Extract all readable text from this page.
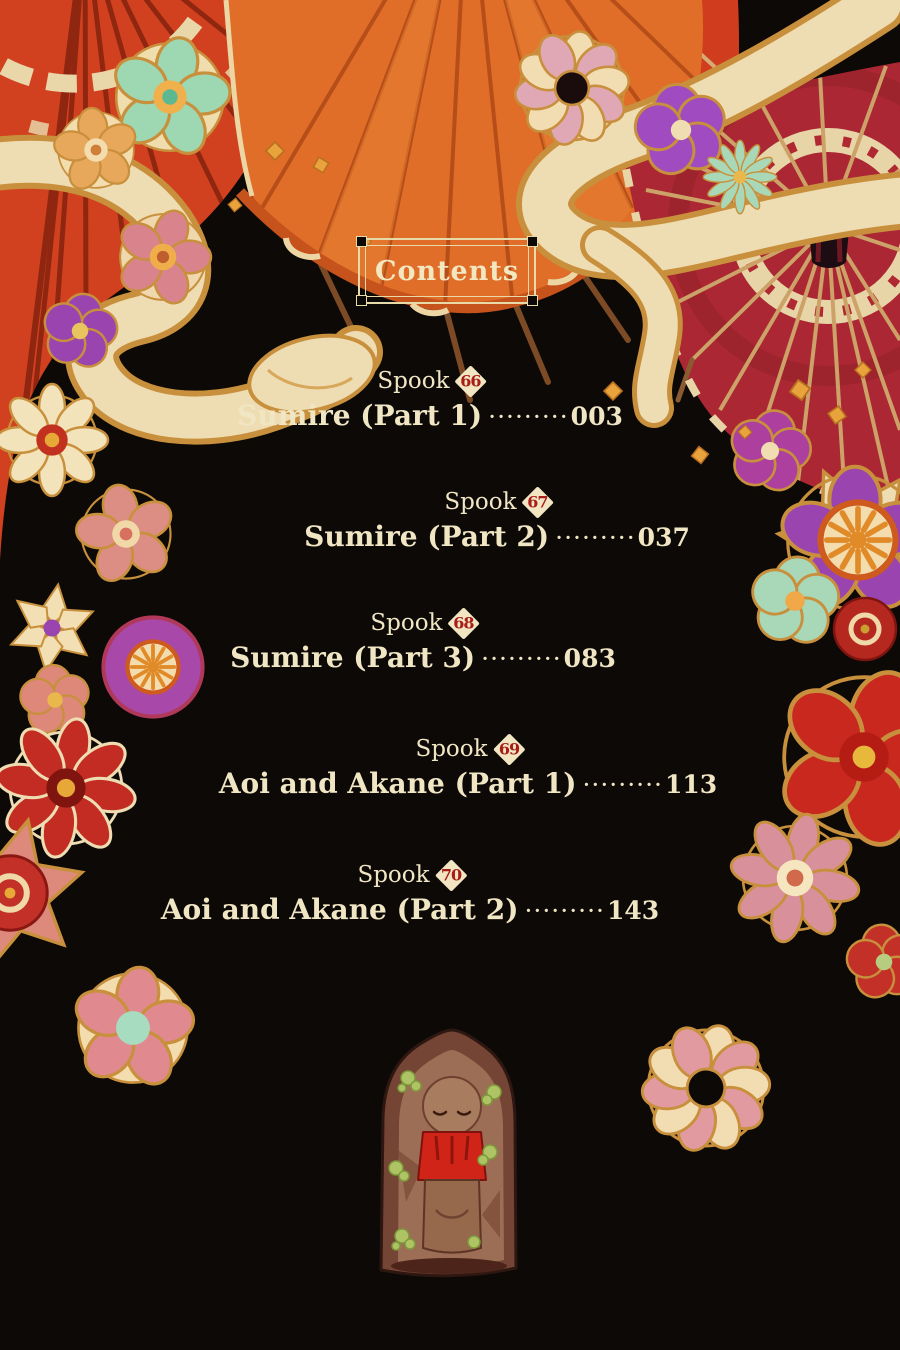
Contents
Spook 66
Sumire (Part 1) ·········003
Spook 67
Sumire (Part 2) ·········037
Spook 68
Sumire (Part 3) ·········083
Spook 69
Aoi and Akane (Part 1) ·········113
Spook 70
Aoi and Akane (Part 2) ·········143
